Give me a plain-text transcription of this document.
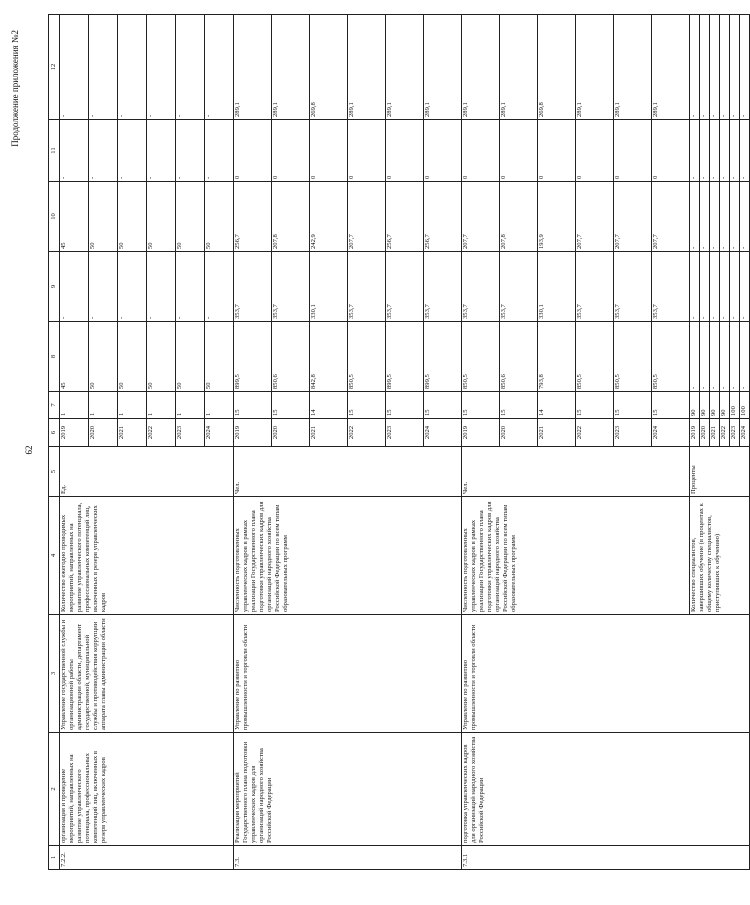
62
Продолжение приложения №2
1	2	3	4	5	6	7	8	9	10	11	12
7.2.2.	организация и проведение мероприятий, направленных на развитие управленческого потенциала, профессиональных компетенций лиц, включенных в резерв управленческих кадров	Управление государственной службы и организационной работы администрации области, департамент государственной, муниципальной службы и противодействия коррупции аппарата главы администрации области	Количество ежегодно проводимых мероприятий, направленных на развитие управленческого потенциала, профессиональных компетенций лиц, включенных в резерв управленческих кадров	Ед.	2019	1	45	-	45	-	-
					2020	1	50	-	50	-	-
					2021	1	50	-	50	-	-
					2022	1	50	-	50	-	-
					2023	1	50	-	50	-	-
					2024	1	50	-	50	-	-
7.3.	Реализация мероприятий Государственного плана подготовки управленческих кадров для организаций народного хозяйства Российской Федерации	Управление по развитию промышленности и торговли области	Численность подготовленных управленческих кадров в рамках реализации Государственного плана подготовки управленческих кадров для организаций народного хозяйства Российской Федерации по всем типам образовательных программ	Чел.	2019	15	899,5	353,7	256,7	0	289,1
					2020	15	850,6	353,7	207,8	0	289,1
					2021	14	842,8	330,1	242,9	0	269,8
					2022	15	850,5	353,7	207,7	0	289,1
					2023	15	899,5	353,7	256,7	0	289,1
					2024	15	899,5	353,7	256,7	0	289,1
7.3.1	подготовка управленческих кадров для организаций народного хозяйства Российской Федерации	Управление по развитию промышленности и торговли области	Численность подготовленных управленческих кадров в рамках реализации Государственного плана подготовки управленческих кадров для организаций народного хозяйства Российской Федерации по всем типам образовательных программ	Чел.	2019	15	850,5	353,7	207,7	0	289,1
					2020	15	850,6	353,7	207,8	0	289,1
					2021	14	793,8	330,1	193,9	0	269,8
					2022	15	850,5	353,7	207,7	0	289,1
					2023	15	850,5	353,7	207,7	0	289,1
					2024	15	850,5	353,7	207,7	0	289,1
			Количество специалистов, завершивших обучение (в процентах к общему количеству специалистов, приступивших к обучению)	Проценты	2019	90	-	-	-	-	-
					2020	90	-	-	-	-	-
					2021	90	-	-	-	-	-
					2022	90	-	-	-	-	-
					2023	100	-	-	-	-	-
					2024	100	-	-	-	-	-
